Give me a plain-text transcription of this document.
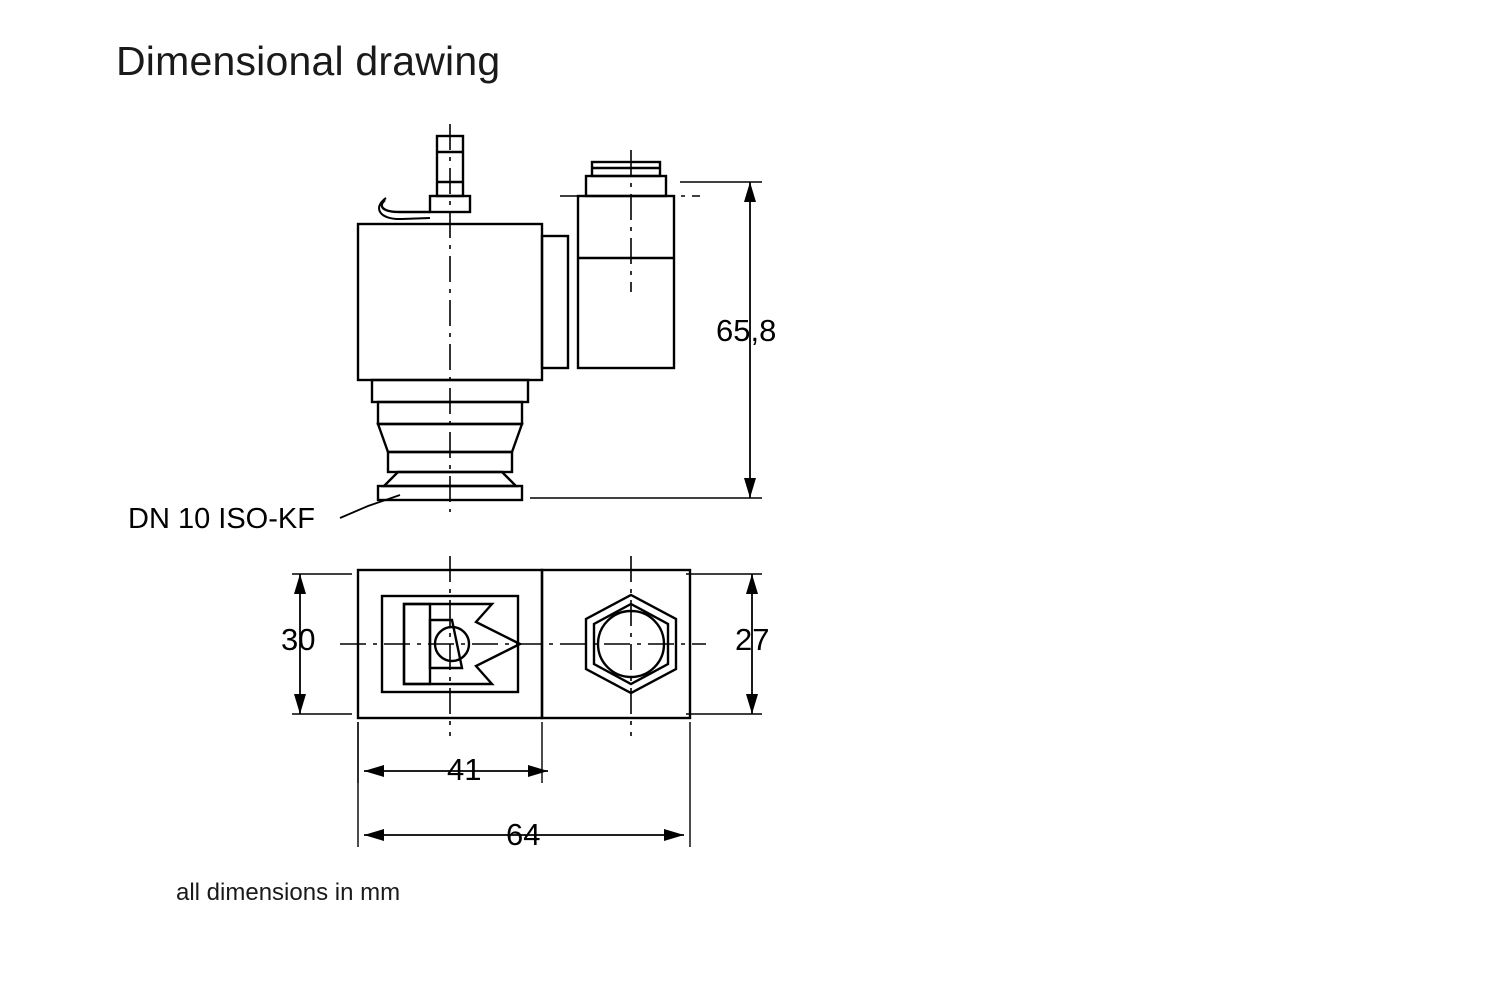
Dimensional drawing
65,8
DN 10 ISO-KF
30	27
41
64
all dimensions in mm
